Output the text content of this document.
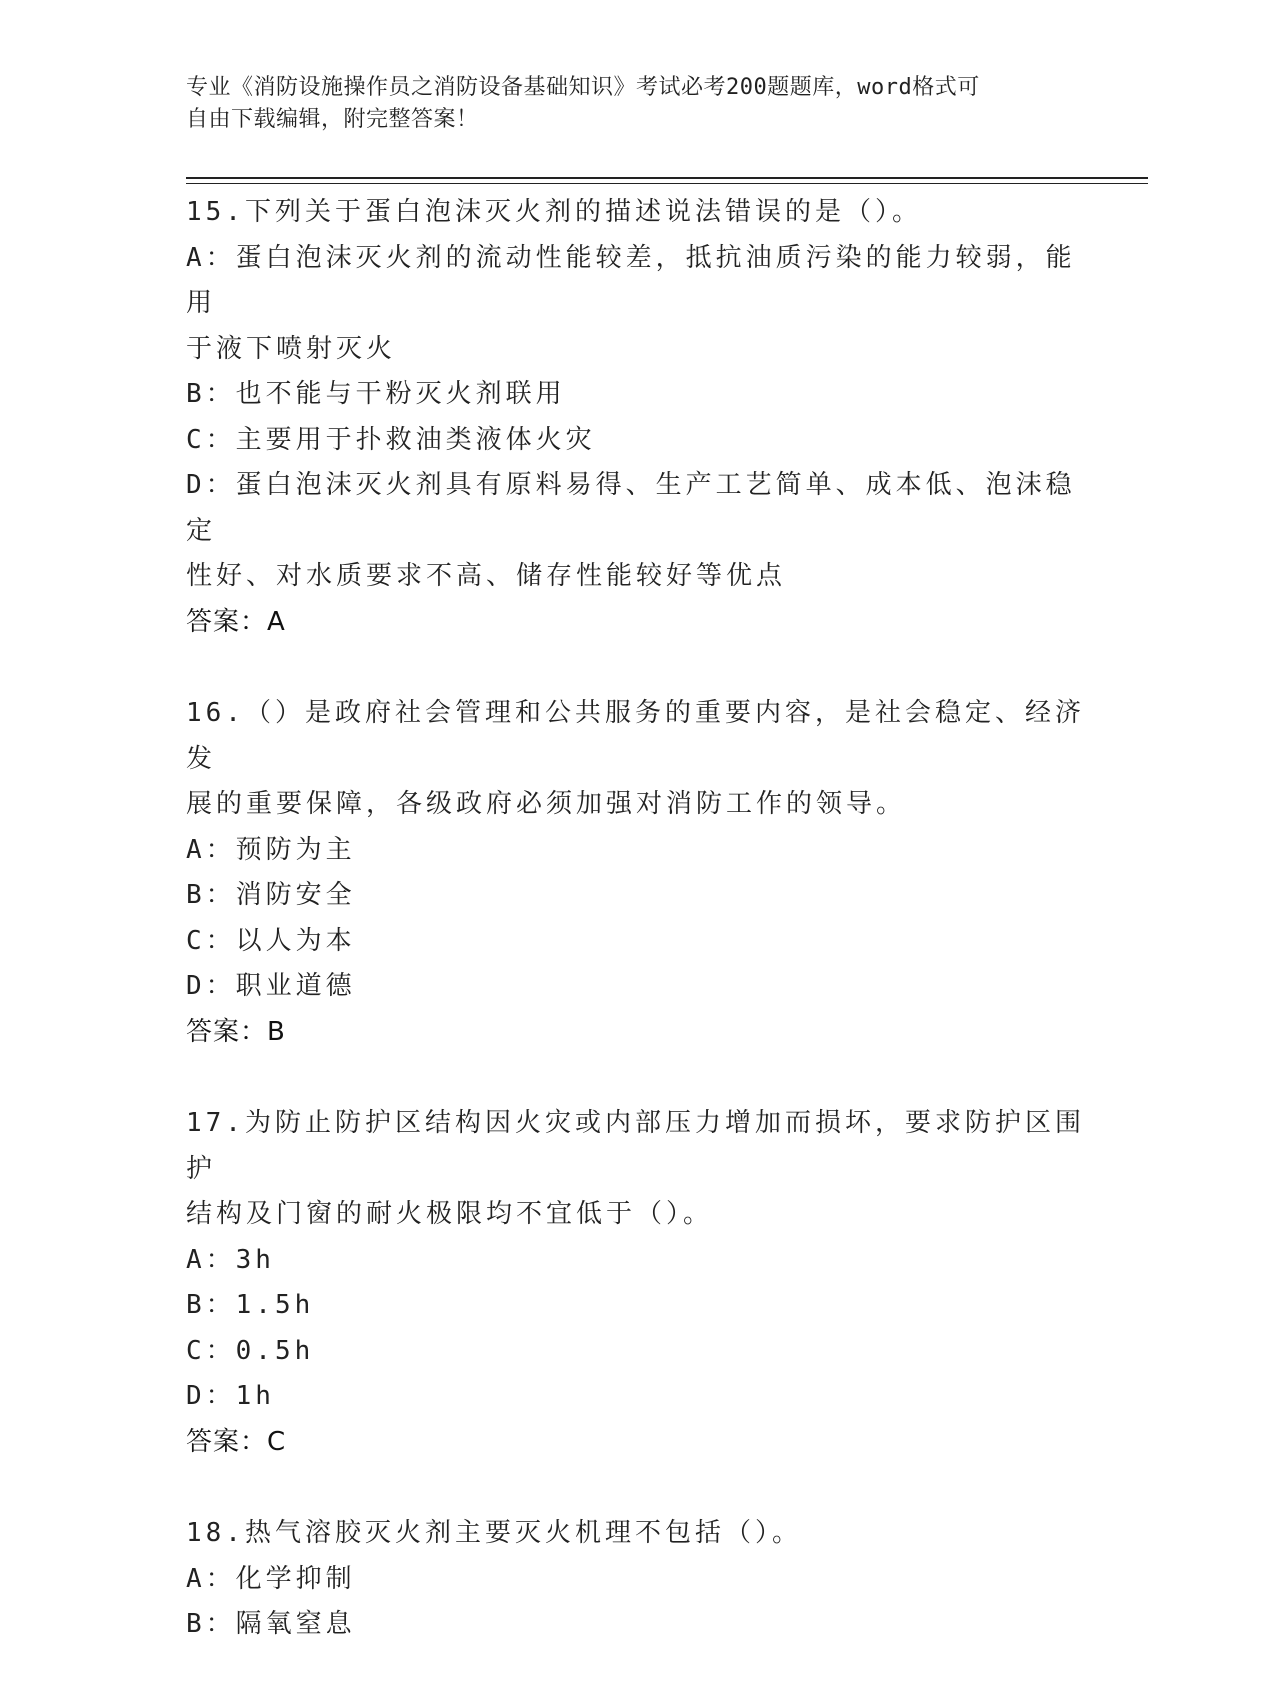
专业《消防设施操作员之消防设备基础知识》考试必考200题题库，word格式可
自由下载编辑，附完整答案！

15.下列关于蛋白泡沫灭火剂的描述说法错误的是（）。

A：蛋白泡沫灭火剂的流动性能较差，抵抗油质污染的能力较弱，能用
于液下喷射灭火

B：也不能与干粉灭火剂联用

C：主要用于扑救油类液体火灾

D：蛋白泡沫灭火剂具有原料易得、生产工艺简单、成本低、泡沫稳定
性好、对水质要求不高、储存性能较好等优点

答案：A

16.（）是政府社会管理和公共服务的重要内容，是社会稳定、经济发
展的重要保障，各级政府必须加强对消防工作的领导。

A：预防为主

B：消防安全

C：以人为本

D：职业道德

答案：B

17.为防止防护区结构因火灾或内部压力增加而损坏，要求防护区围护
结构及门窗的耐火极限均不宜低于（）。

A：3h

B：1.5h

C：0.5h

D：1h

答案：C

18.热气溶胶灭火剂主要灭火机理不包括（）。

A：化学抑制

B：隔氧窒息
